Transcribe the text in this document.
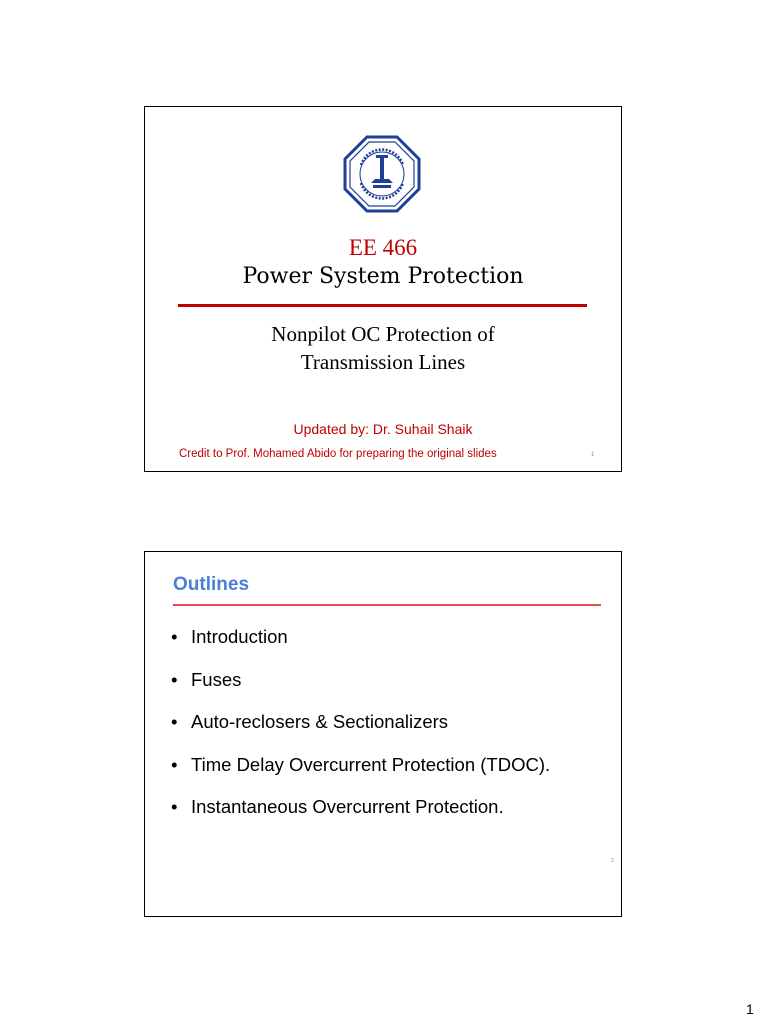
EE 466
Power System Protection
Nonpilot OC Protection of
Transmission Lines
Updated by: Dr. Suhail Shaik
Credit to Prof. Mohamed Abido for preparing the original slides	1
Outlines
• Introduction
• Fuses
• Auto-reclosers & Sectionalizers
• Time Delay Overcurrent Protection (TDOC).
• Instantaneous Overcurrent Protection.
2
1
